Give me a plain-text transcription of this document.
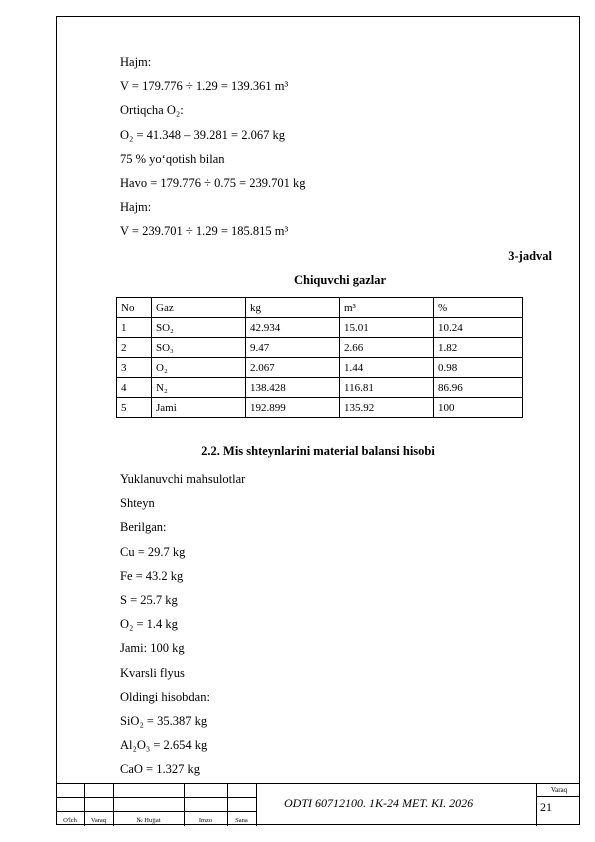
Hajm:
V = 179.776 ÷ 1.29 = 139.361 m³
Ortiqcha O₂:
O₂ = 41.348 – 39.281 = 2.067 kg
75 % yo‘qotish bilan
Havo = 179.776 ÷ 0.75 = 239.701 kg
Hajm:
V = 239.701 ÷ 1.29 = 185.815 m³
3-jadval
Chiquvchi gazlar
No	Gaz	kg	m³	%
1	SO₂	42.934	15.01	10.24
2	SO₃	9.47	2.66	1.82
3	O₂	2.067	1.44	0.98
4	N₂	138.428	116.81	86.96
5	Jami	192.899	135.92	100
2.2. Mis shteynlarini material balansi hisobi
Yuklanuvchi mahsulotlar
Shteyn
Berilgan:
Cu = 29.7 kg
Fe = 43.2 kg
S = 25.7 kg
O₂ = 1.4 kg
Jami: 100 kg
Kvarsli flyus
Oldingi hisobdan:
SiO₂ = 35.387 kg
Al₂O₃ = 2.654 kg
CaO = 1.327 kg
O'lch	Varaq	№ Hujjat	Imzo	Sana
ODTI 60712100. 1K-24 MET. KI. 2026
Varaq
21
